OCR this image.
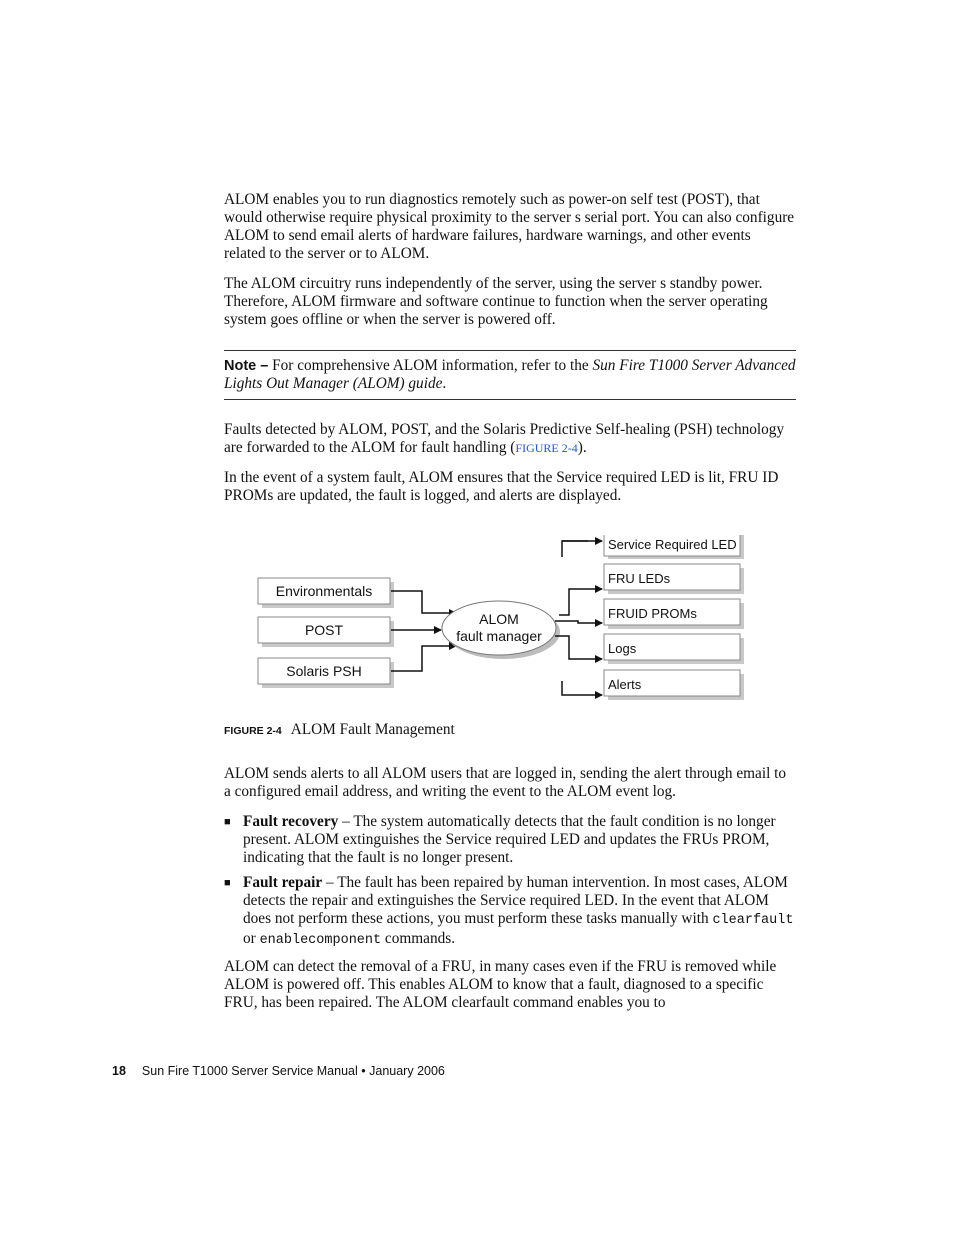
ALOM enables you to run diagnostics remotely such as power-on self test (POST), that would otherwise require physical proximity to the server s serial port. You can also configure ALOM to send email alerts of hardware failures, hardware warnings, and other events related to the server or to ALOM.

The ALOM circuitry runs independently of the server, using the server s standby power. Therefore, ALOM firmware and software continue to function when the server operating system goes offline or when the server is powered off.

Note – For comprehensive ALOM information, refer to the Sun Fire T1000 Server Advanced Lights Out Manager (ALOM) guide.

Faults detected by ALOM, POST, and the Solaris Predictive Self-healing (PSH) technology are forwarded to the ALOM for fault handling (FIGURE 2-4).

In the event of a system fault, ALOM ensures that the Service required LED is lit, FRU ID PROMs are updated, the fault is logged, and alerts are displayed.

Environmentals
POST
Solaris PSH
ALOM
fault manager
Service Required LED
FRU LEDs
FRUID PROMs
Logs
Alerts
FIGURE 2-4 ALOM Fault Management

ALOM sends alerts to all ALOM users that are logged in, sending the alert through email to a configured email address, and writing the event to the ALOM event log.

■ Fault recovery – The system automatically detects that the fault condition is no longer present. ALOM extinguishes the Service required LED and updates the FRUs PROM, indicating that the fault is no longer present.
■ Fault repair – The fault has been repaired by human intervention. In most cases, ALOM detects the repair and extinguishes the Service required LED. In the event that ALOM does not perform these actions, you must perform these tasks manually with clearfault or enablecomponent commands.

ALOM can detect the removal of a FRU, in many cases even if the FRU is removed while ALOM is powered off. This enables ALOM to know that a fault, diagnosed to a specific FRU, has been repaired. The ALOM clearfault command enables you to

18 Sun Fire T1000 Server Service Manual • January 2006
